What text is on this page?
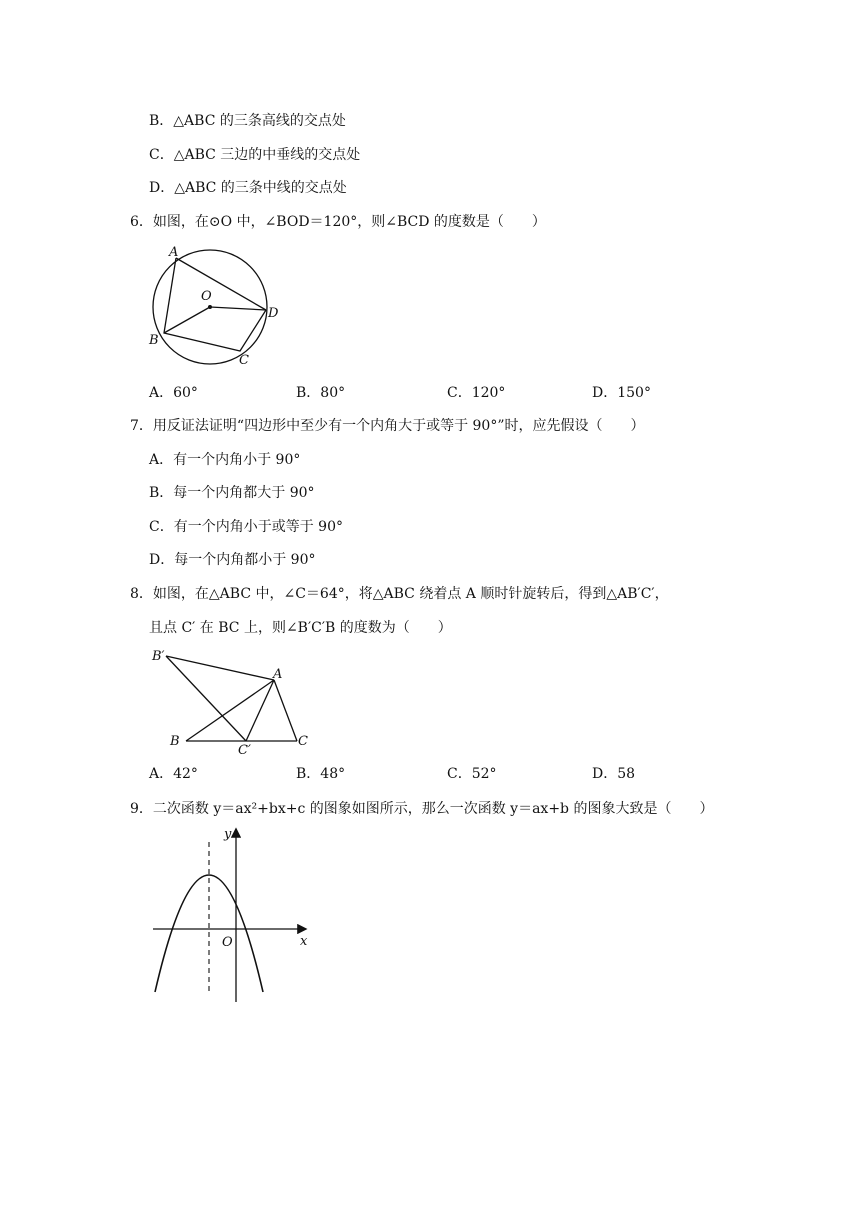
B．△ABC 的三条高线的交点处
C．△ABC 三边的中垂线的交点处
D．△ABC 的三条中线的交点处
6．如图，在⊙O 中，∠BOD＝120°，则∠BCD 的度数是（　　）
A
O
D
B
C
A．60°	B．80°	C．120°	D．150°
7．用反证法证明“四边形中至少有一个内角大于或等于 90°”时，应先假设（　　）
A．有一个内角小于 90°
B．每一个内角都大于 90°
C．有一个内角小于或等于 90°
D．每一个内角都小于 90°
8．如图，在△ABC 中，∠C＝64°，将△ABC 绕着点 A 顺时针旋转后，得到△AB′C′，
且点 C′ 在 BC 上，则∠B′C′B 的度数为（　　）
B′
A
B
C′
C
A．42°	B．48°	C．52°	D．58
9．二次函数 y＝ax²+bx+c 的图象如图所示，那么一次函数 y＝ax+b 的图象大致是（　　）
y
x
O
